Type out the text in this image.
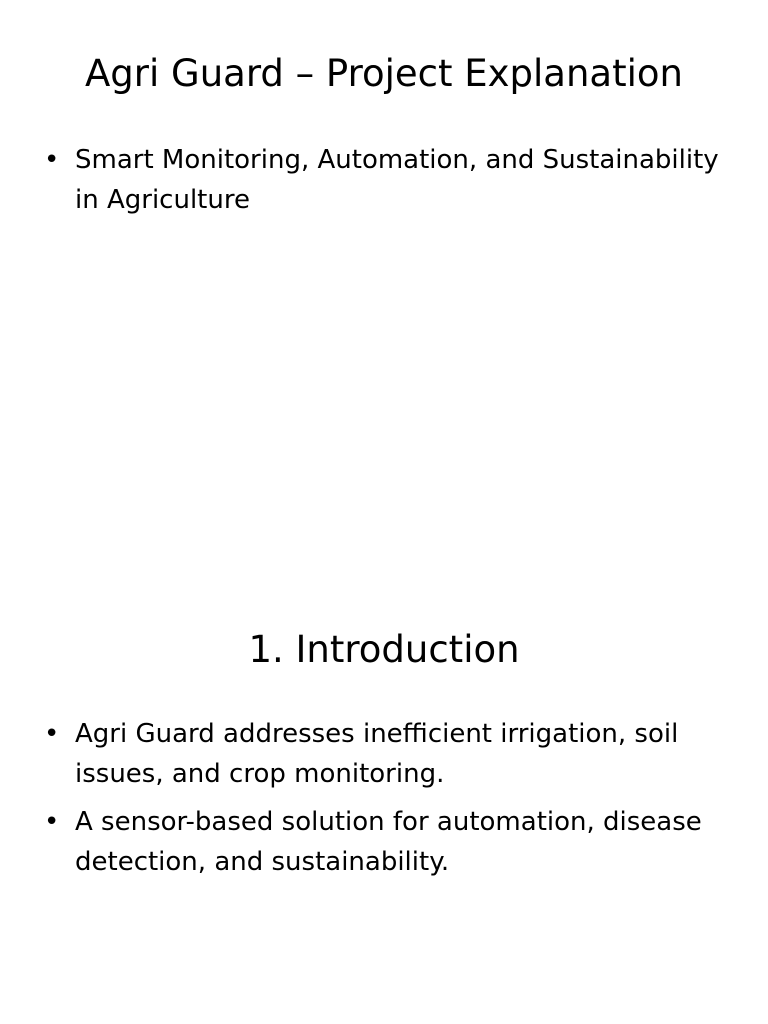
Agri Guard – Project Explanation
• Smart Monitoring, Automation, and Sustainability in Agriculture
1. Introduction
• Agri Guard addresses inefficient irrigation, soil issues, and crop monitoring.
• A sensor-based solution for automation, disease detection, and sustainability.
